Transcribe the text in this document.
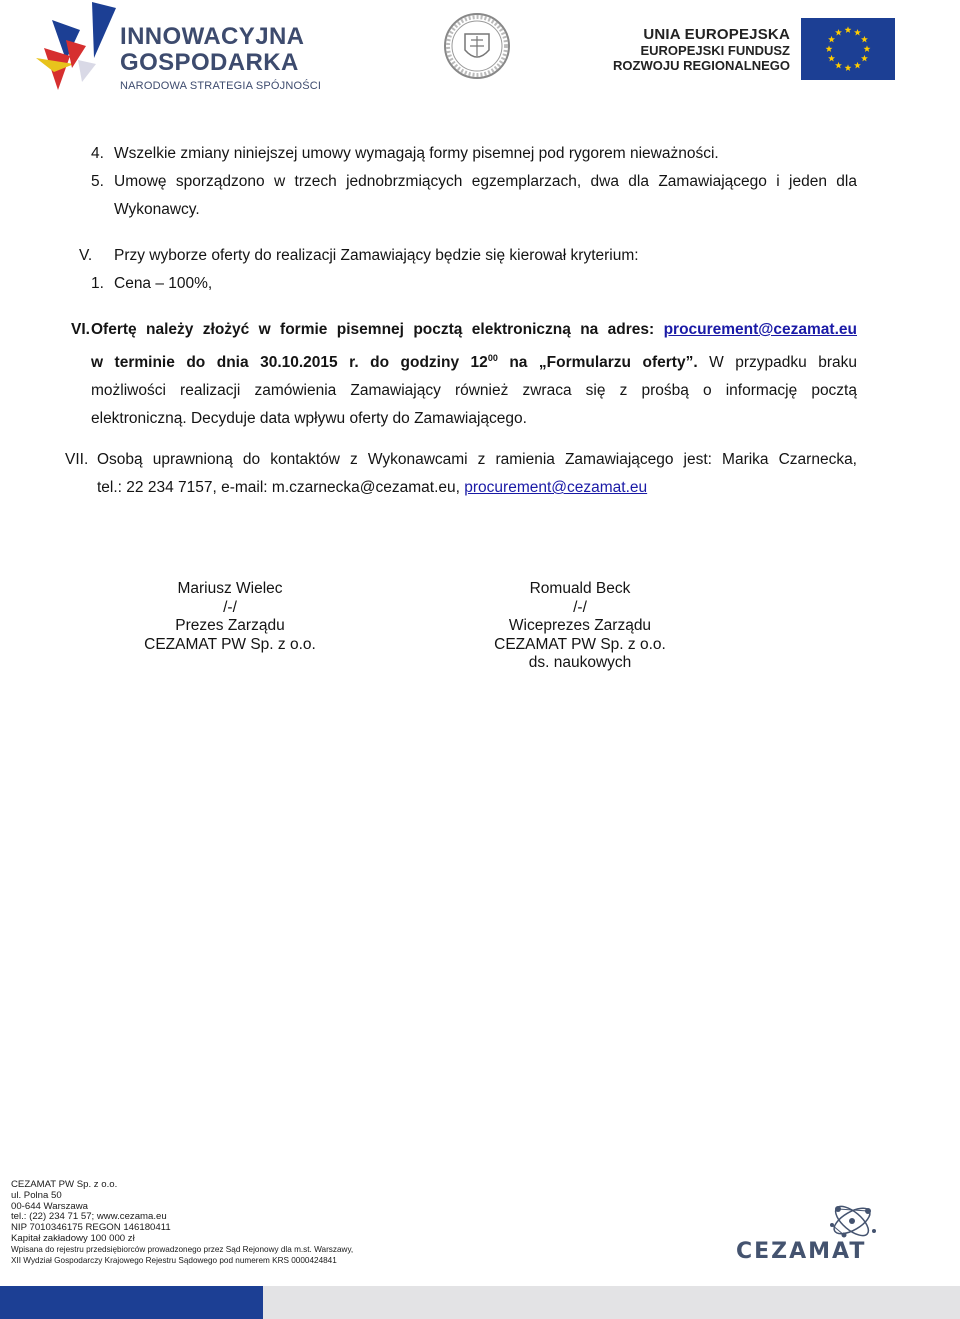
INNOWACYJNA
GOSPODARKA
NARODOWA STRATEGIA SPÓJNOŚCI
UNIA EUROPEJSKA
EUROPEJSKI FUNDUSZ
ROZWOJU REGIONALNEGO
4. Wszelkie zmiany niniejszej umowy wymagają formy pisemnej pod rygorem nieważności.
5. Umowę sporządzono w trzech jednobrzmiących egzemplarzach, dwa dla Zamawiającego i jeden dla
Wykonawcy.
V. Przy wyborze oferty do realizacji Zamawiający będzie się kierował kryterium:
1. Cena – 100%,
VI. Ofertę należy złożyć w formie pisemnej pocztą elektroniczną na adres: procurement@cezamat.eu
w terminie do dnia 30.10.2015 r. do godziny $12^{00}$ na „Formularzu oferty”. W przypadku braku
możliwości realizacji zamówienia Zamawiający również zwraca się z prośbą o informację pocztą
elektroniczną. Decyduje data wpływu oferty do Zamawiającego.
VII. Osobą uprawnioną do kontaktów z Wykonawcami z ramienia Zamawiającego jest: Marika Czarnecka,
tel.: 22 234 7157, e-mail: m.czarnecka@cezamat.eu, procurement@cezamat.eu
Mariusz Wielec
/-/
Prezes Zarządu
CEZAMAT PW Sp. z o.o.
Romuald Beck
/-/
Wiceprezes Zarządu
CEZAMAT PW Sp. z o.o.
ds. naukowych
CEZAMAT PW Sp. z o.o.
ul. Polna 50
00-644 Warszawa
tel.: (22) 234 71 57; www.cezama.eu
NIP 7010346175 REGON 146180411
Kapitał zakładowy 100 000 zł
Wpisana do rejestru przedsiębiorców prowadzonego przez Sąd Rejonowy dla m.st. Warszawy,
XII Wydział Gospodarczy Krajowego Rejestru Sądowego pod numerem KRS 0000424841	CEZAMAT
